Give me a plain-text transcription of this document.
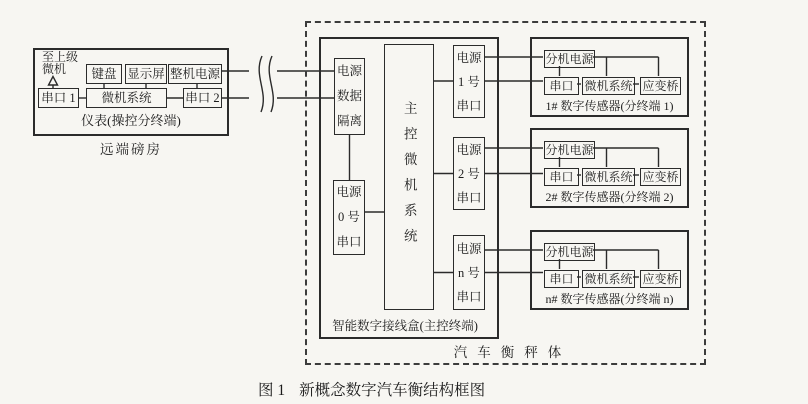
至上级
微机	键盘 显示屏 整机电源
串口 1 微机系统	串口 2
仪表(操控分终端)
远端磅房
汽车衡秤体
智能数字接线盒(主控终端)
电源
数据
隔离
电源
0 号
串口	主控微机系统
电源
1 号
串口
电源
2 号
串口
电源
n 号
串口
分机电源
串口 微机系统 应变桥
1# 数字传感器(分终端 1)
分机电源
串口 微机系统 应变桥
2# 数字传感器(分终端 2)
分机电源
串口 微机系统 应变桥
n# 数字传感器(分终端 n)
图 1 新概念数字汽车衡结构框图
